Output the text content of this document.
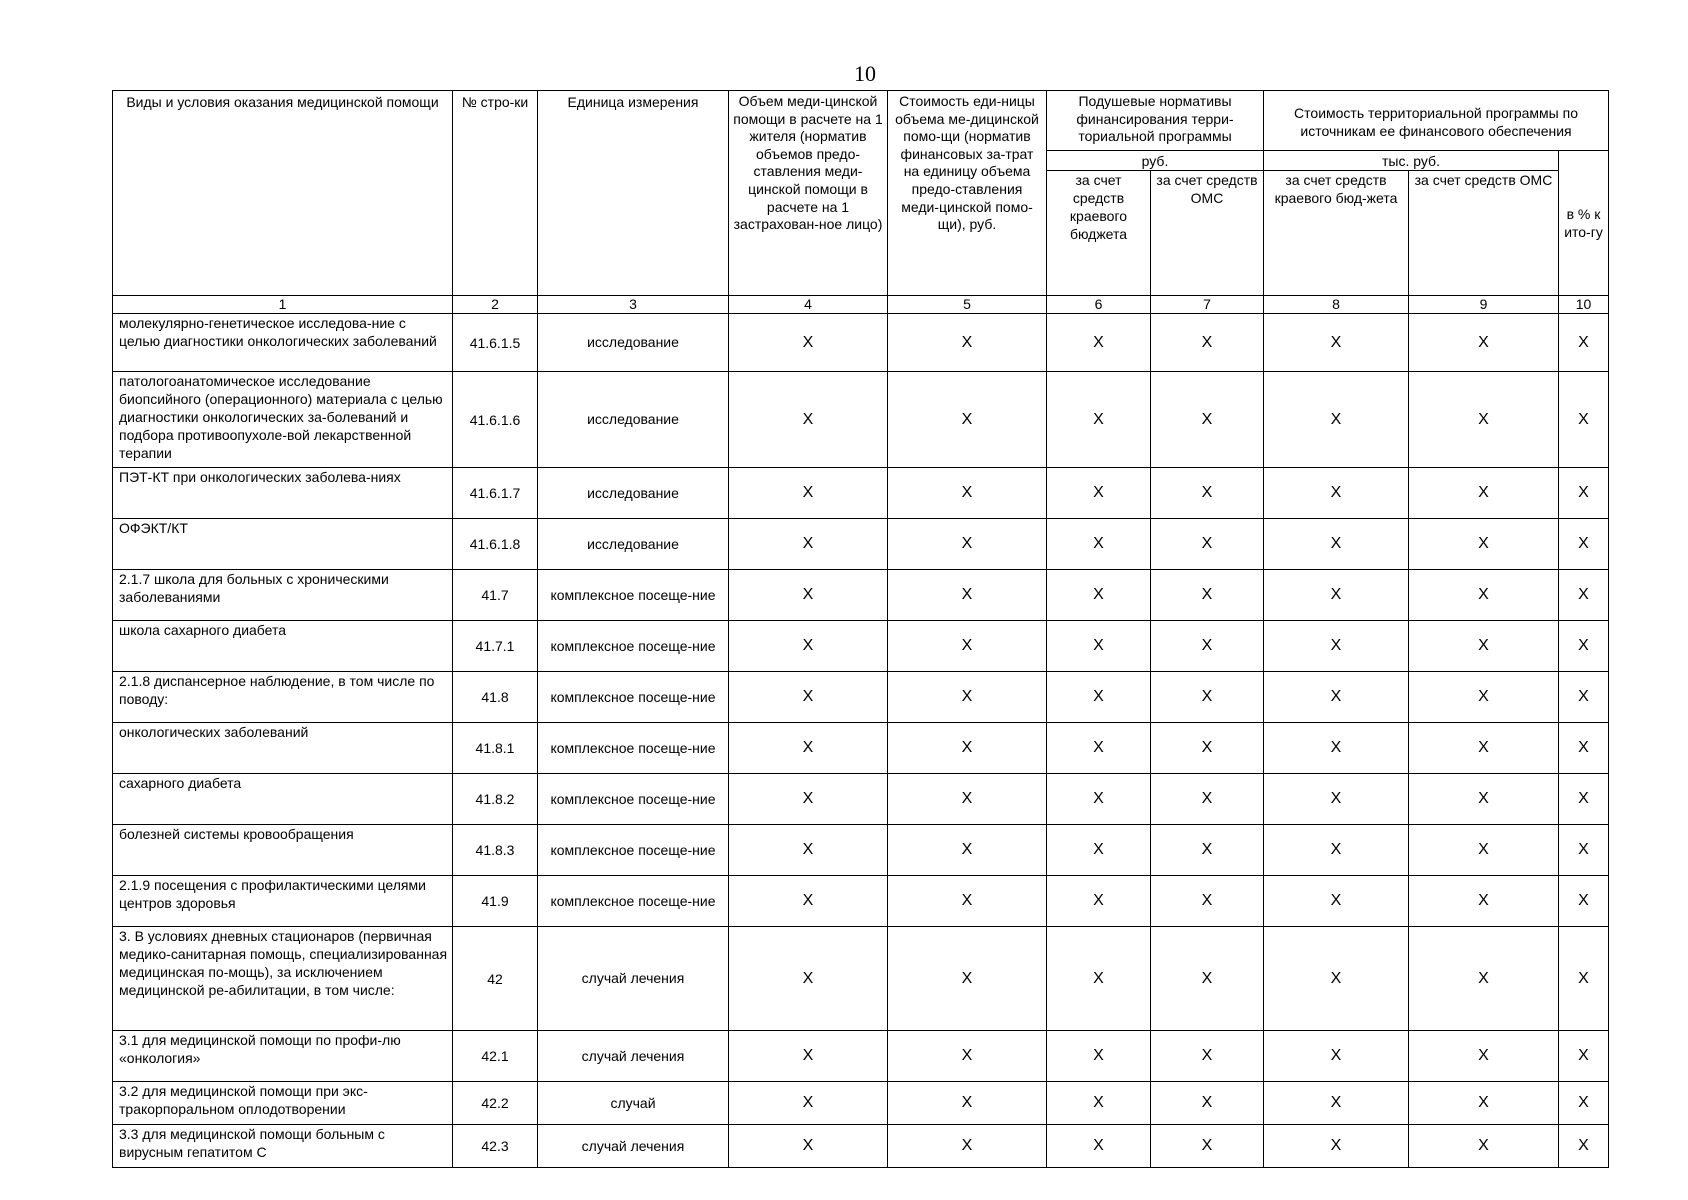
10
Виды и условия оказания медицинской помощи	№ стро-ки	Единица измерения	Объем меди-цинской помощи в расчете на 1 жителя (норматив объемов предо-ставления меди-цинской помощи в расчете на 1 застрахован-ное лицо)	Стоимость еди-ницы объема ме-дицинской помо-щи (норматив финансовых за-трат на единицу объема предо-ставления меди-цинской помо-щи), руб.	Подушевые нормативы финансирования терри-ториальной программы		Стоимость территориальной программы по источникам ее финансового обеспечения		
					руб.		тыс. руб.		в % к ито-гу
					за счет средств краевого бюджета	за счет средств ОМС	за счет средств краевого бюд-жета	за счет средств ОМС	
1	2	3	4	5	6	7	8	9	10
молекулярно-генетическое исследова-ние с целью диагностики онкологических заболеваний	41.6.1.5	исследование	X	X	X	X	X	X	X
патологоанатомическое исследование биопсийного (операционного) материала с целью диагностики онкологических за-болеваний и подбора противоопухоле-вой лекарственной терапии	41.6.1.6	исследование	X	X	X	X	X	X	X
ПЭТ-КТ при онкологических заболева-ниях	41.6.1.7	исследование	X	X	X	X	X	X	X
ОФЭКТ/КТ	41.6.1.8	исследование	X	X	X	X	X	X	X
2.1.7 школа для больных с хроническими заболеваниями	41.7	комплексное посеще-ние	X	X	X	X	X	X	X
школа сахарного диабета	41.7.1	комплексное посеще-ние	X	X	X	X	X	X	X
2.1.8 диспансерное наблюдение, в том числе по поводу:	41.8	комплексное посеще-ние	X	X	X	X	X	X	X
онкологических заболеваний	41.8.1	комплексное посеще-ние	X	X	X	X	X	X	X
сахарного диабета	41.8.2	комплексное посеще-ние	X	X	X	X	X	X	X
болезней системы кровообращения	41.8.3	комплексное посеще-ние	X	X	X	X	X	X	X
2.1.9 посещения с профилактическими целями центров здоровья	41.9	комплексное посеще-ние	X	X	X	X	X	X	X
3. В условиях дневных стационаров (первичная медико-санитарная помощь, специализированная медицинская по-мощь), за исключением медицинской ре-абилитации, в том числе:	42	случай лечения	X	X	X	X	X	X	X
3.1 для медицинской помощи по профи-лю «онкология»	42.1	случай лечения	X	X	X	X	X	X	X
3.2 для медицинской помощи при экс-тракорпоральном оплодотворении	42.2	случай	X	X	X	X	X	X	X
3.3 для медицинской помощи больным с вирусным гепатитом С	42.3	случай лечения	X	X	X	X	X	X	X
